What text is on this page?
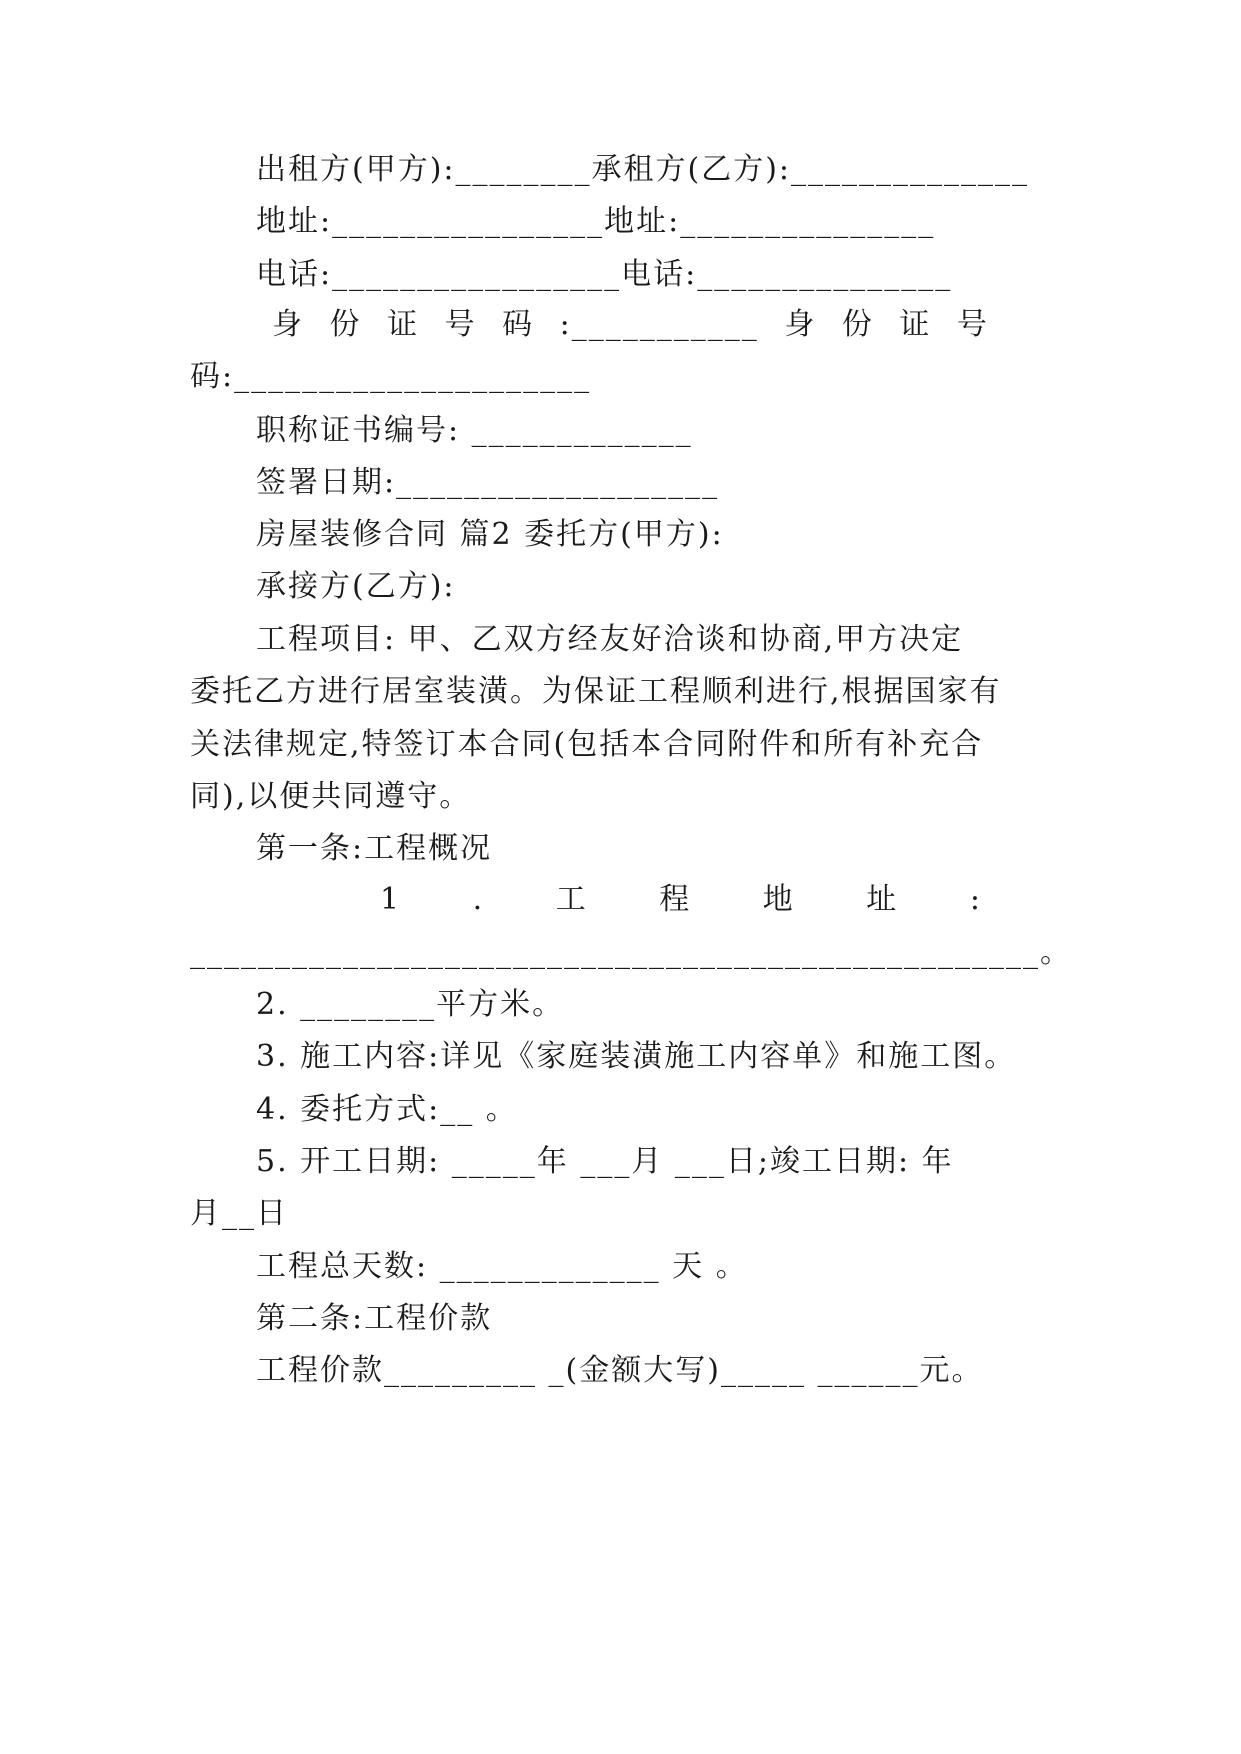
出租方(甲方):________承租方(乙方):______________
地址:________________地址:_______________
电话:_________________电话:_______________
身 份 证 号 码 :___________ 身 份 证 号
码:_____________________
职称证书编号: _____________
签署日期:___________________
房屋装修合同 篇2 委托方(甲方):
承接方(乙方):
工程项目: 甲、乙双方经友好洽谈和协商,甲方决定
委托乙方进行居室装潢。为保证工程顺利进行,根据国家有
关法律规定,特签订本合同(包括本合同附件和所有补充合
同),以便共同遵守。
第一条:工程概况
1 . 工 程 地 址 :
__________________________________________________。
2. ________平方米。
3. 施工内容:详见《家庭装潢施工内容单》和施工图。
4. 委托方式:__ 。
5. 开工日期: _____年 ___月 ___日;竣工日期: 年
月__日
工程总天数: _____________ 天 。
第二条:工程价款
工程价款_________ _(金额大写)_____ ______元。
